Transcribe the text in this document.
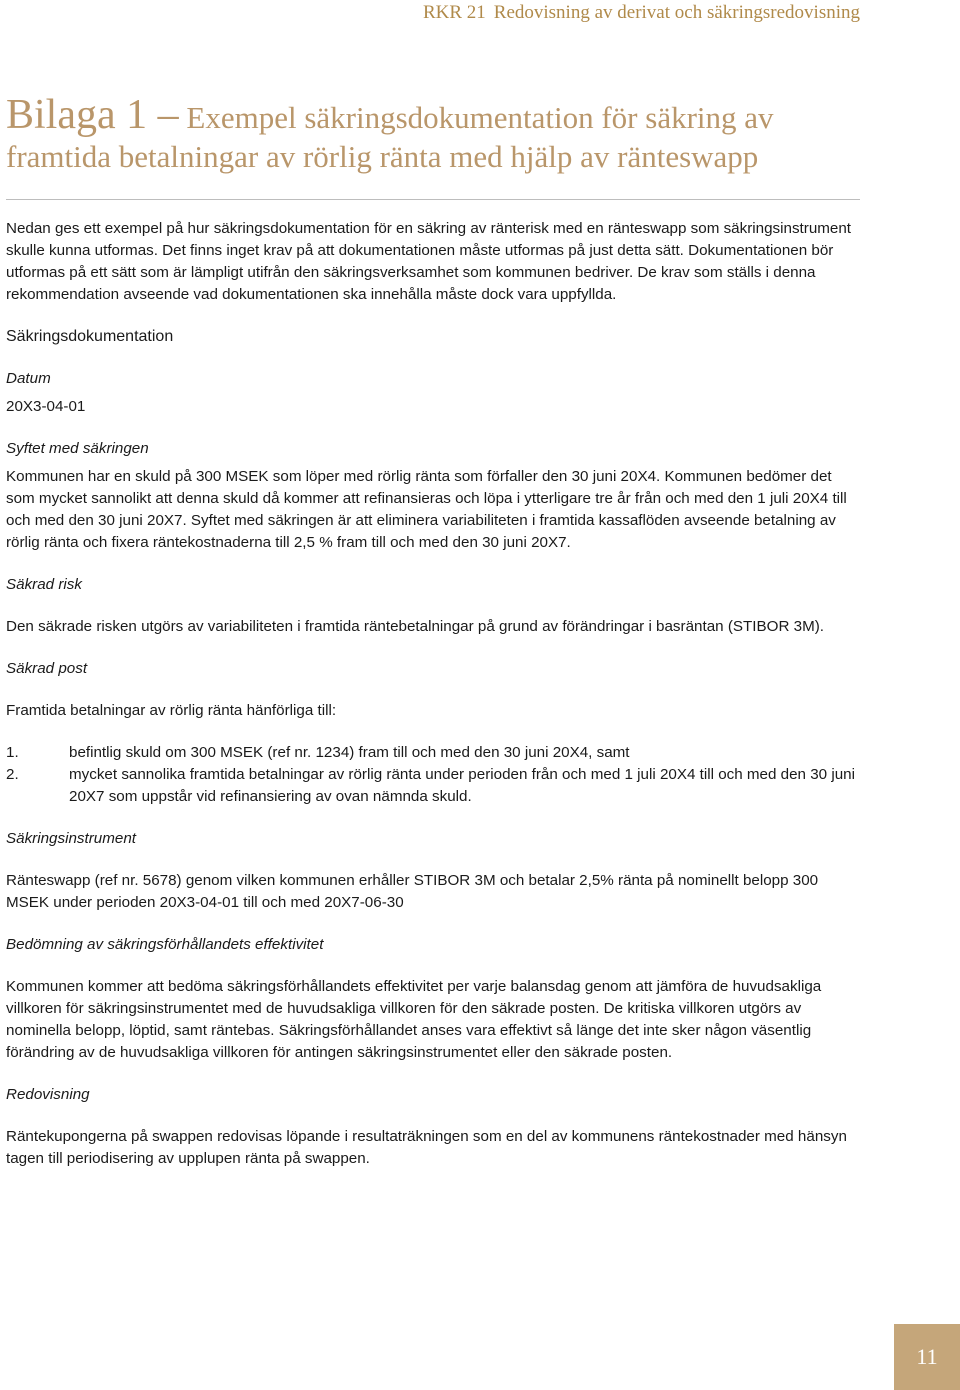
RKR 21 Redovisning av derivat och säkringsredovisning
Bilaga 1 – Exempel säkringsdokumentation för säkring av framtida betalningar av rörlig ränta med hjälp av ränteswapp

Nedan ges ett exempel på hur säkringsdokumentation för en säkring av ränterisk med en ränteswapp som säkringsinstrument skulle kunna utformas. Det finns inget krav på att dokumentationen måste utformas på just detta sätt. Dokumentationen bör utformas på ett sätt som är lämpligt utifrån den säkringsverksamhet som kommunen bedriver. De krav som ställs i denna rekommendation avseende vad dokumentationen ska innehålla måste dock vara uppfyllda.

Säkringsdokumentation

Datum

20X3-04-01

Syftet med säkringen

Kommunen har en skuld på 300 MSEK som löper med rörlig ränta som förfaller den 30 juni 20X4. Kommunen bedömer det som mycket sannolikt att denna skuld då kommer att refinansieras och löpa i ytterligare tre år från och med den 1 juli 20X4 till och med den 30 juni 20X7. Syftet med säkringen är att eliminera variabiliteten i framtida kassaflöden avseende betalning av rörlig ränta och fixera räntekostnaderna till 2,5 % fram till och med den 30 juni 20X7.

Säkrad risk

Den säkrade risken utgörs av variabiliteten i framtida räntebetalningar på grund av förändringar i basräntan (STIBOR 3M).

Säkrad post

Framtida betalningar av rörlig ränta hänförliga till:

1.	befintlig skuld om 300 MSEK (ref nr. 1234) fram till och med den 30 juni 20X4, samt
2.	mycket sannolika framtida betalningar av rörlig ränta under perioden från och med 1 juli 20X4 till och med den 30 juni 20X7 som uppstår vid refinansiering av ovan nämnda skuld.

Säkringsinstrument

Ränteswapp (ref nr. 5678) genom vilken kommunen erhåller STIBOR 3M och betalar 2,5% ränta på nominellt belopp 300 MSEK under perioden 20X3-04-01 till och med 20X7-06-30

Bedömning av säkringsförhållandets effektivitet

Kommunen kommer att bedöma säkringsförhållandets effektivitet per varje balansdag genom att jämföra de huvudsakliga villkoren för säkringsinstrumentet med de huvudsakliga villkoren för den säkrade posten. De kritiska villkoren utgörs av nominella belopp, löptid, samt räntebas. Säkringsförhållandet anses vara effektivt så länge det inte sker någon väsentlig förändring av de huvudsakliga villkoren för antingen säkringsinstrumentet eller den säkrade posten.

Redovisning

Räntekupongerna på swappen redovisas löpande i resultaträkningen som en del av kommunens räntekostnader med hänsyn tagen till periodisering av upplupen ränta på swappen.

11
